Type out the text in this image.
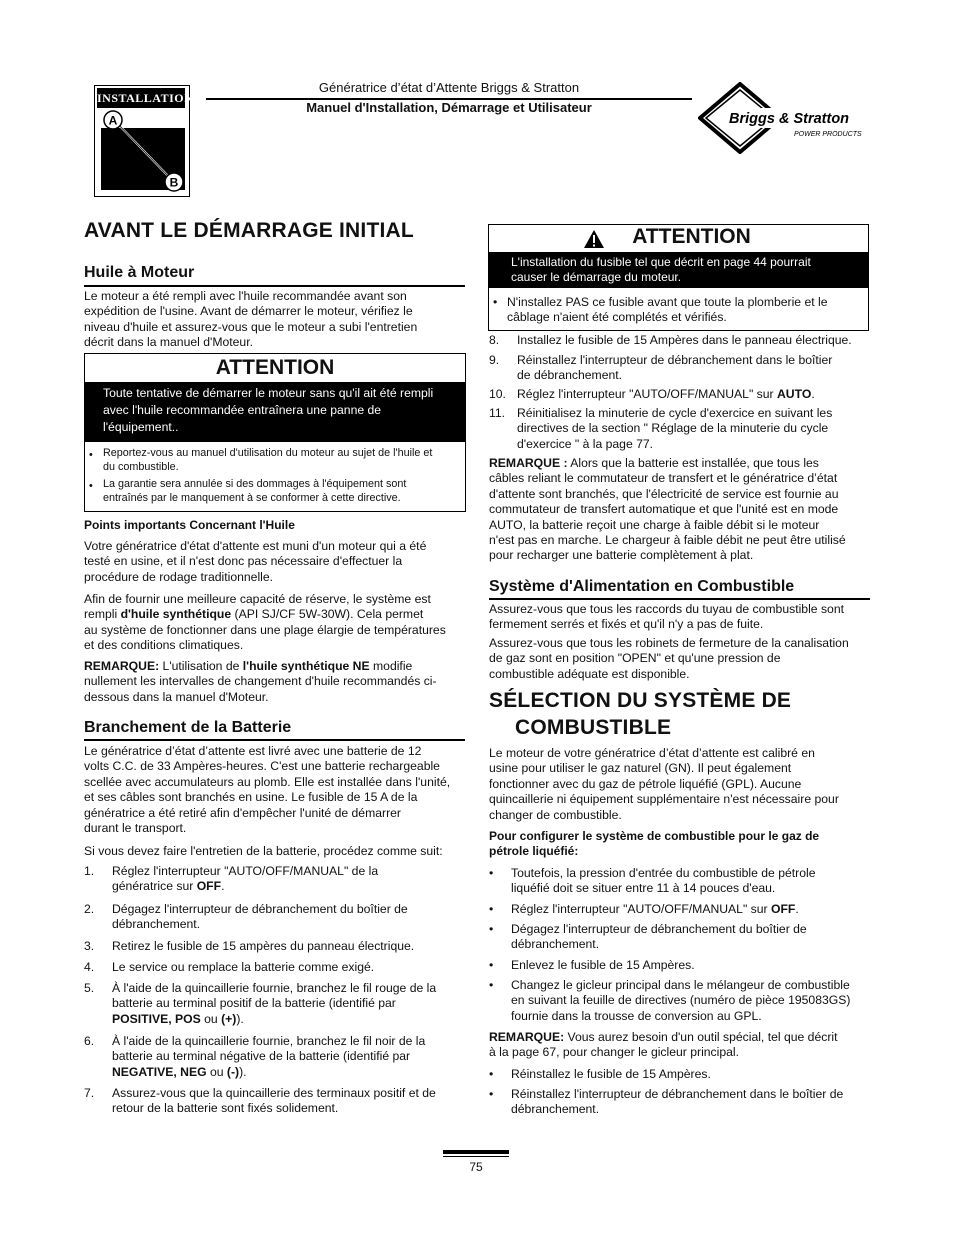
INSTALLATION
A
B
Génératrice d’état d’Attente Briggs & Stratton
Manuel d'Installation, Démarrage et Utilisateur
Briggs & Stratton
POWER PRODUCTS
AVANT LE DÉMARRAGE INITIAL
Huile à Moteur
Le moteur a été rempli avec l'huile recommandée avant son
expédition de l'usine. Avant de démarrer le moteur, vérifiez le
niveau d'huile et assurez-vous que le moteur a subi l'entretien
décrit dans la manuel d'Moteur.
ATTENTION
Toute tentative de démarrer le moteur sans qu'il ait été rempli
avec l'huile recommandée entraînera une panne de
l'équipement..
• Reportez-vous au manuel d'utilisation du moteur au sujet de l'huile et
du combustible.
• La garantie sera annulée si des dommages à l'équipement sont
entraînés par le manquement à se conformer à cette directive.
Points importants Concernant l'Huile
Votre génératrice d'état d'attente est muni d'un moteur qui a été
testé en usine, et il n'est donc pas nécessaire d'effectuer la
procédure de rodage traditionnelle.
Afin de fournir une meilleure capacité de réserve, le système est
rempli d'huile synthétique (API SJ/CF 5W-30W). Cela permet
au système de fonctionner dans une plage élargie de températures
et des conditions climatiques.
REMARQUE: L'utilisation de l'huile synthétique NE modifie
nullement les intervalles de changement d'huile recommandés ci-
dessous dans la manuel d'Moteur.
Branchement de la Batterie
Le génératrice d’état d’attente est livré avec une batterie de 12
volts C.C. de 33 Ampères-heures. C'est une batterie rechargeable
scellée avec accumulateurs au plomb. Elle est installée dans l'unité,
et ses câbles sont branchés en usine. Le fusible de 15 A de la
génératrice a été retiré afin d'empêcher l'unité de démarrer
durant le transport.
Si vous devez faire l'entretien de la batterie, procédez comme suit:
1. Réglez l'interrupteur "AUTO/OFF/MANUAL" de la
génératrice sur OFF.
2. Dégagez l'interrupteur de débranchement du boîtier de
débranchement.
3. Retirez le fusible de 15 ampères du panneau électrique.
4. Le service ou remplace la batterie comme exigé.
5. À l'aide de la quincaillerie fournie, branchez le fil rouge de la
batterie au terminal positif de la batterie (identifié par
POSITIVE, POS ou (+)).
6. À l'aide de la quincaillerie fournie, branchez le fil noir de la
batterie au terminal négative de la batterie (identifié par
NEGATIVE, NEG ou (-)).
7. Assurez-vous que la quincaillerie des terminaux positif et de
retour de la batterie sont fixés solidement.
ATTENTION
L'installation du fusible tel que décrit en page 44 pourrait
causer le démarrage du moteur.
• N'installez PAS ce fusible avant que toute la plomberie et le
câblage n'aient été complétés et vérifiés.
8. Installez le fusible de 15 Ampères dans le panneau électrique.
9. Réinstallez l'interrupteur de débranchement dans le boîtier
de débranchement.
10. Réglez l'interrupteur "AUTO/OFF/MANUAL" sur AUTO.
11. Réinitialisez la minuterie de cycle d'exercice en suivant les
directives de la section " Réglage de la minuterie du cycle
d'exercice " à la page 77.
REMARQUE : Alors que la batterie est installée, que tous les
câbles reliant le commutateur de transfert et le génératrice d’état
d'attente sont branchés, que l'électricité de service est fournie au
commutateur de transfert automatique et que l'unité est en mode
AUTO, la batterie reçoit une charge à faible débit si le moteur
n'est pas en marche. Le chargeur à faible débit ne peut être utilisé
pour recharger une batterie complètement à plat.
Système d'Alimentation en Combustible
Assurez-vous que tous les raccords du tuyau de combustible sont
fermement serrés et fixés et qu'il n'y a pas de fuite.
Assurez-vous que tous les robinets de fermeture de la canalisation
de gaz sont en position "OPEN" et qu'une pression de
combustible adéquate est disponible.
SÉLECTION DU SYSTÈME DE
COMBUSTIBLE
Le moteur de votre génératrice d’état d’attente est calibré en
usine pour utiliser le gaz naturel (GN). Il peut également
fonctionner avec du gaz de pétrole liquéfié (GPL). Aucune
quincaillerie ni équipement supplémentaire n'est nécessaire pour
changer de combustible.
Pour configurer le système de combustible pour le gaz de
pétrole liquéfié:
• Toutefois, la pression d'entrée du combustible de pétrole
liquéfié doit se situer entre 11 à 14 pouces d'eau.
• Réglez l'interrupteur "AUTO/OFF/MANUAL" sur OFF.
• Dégagez l'interrupteur de débranchement du boîtier de
débranchement.
• Enlevez le fusible de 15 Ampères.
• Changez le gicleur principal dans le mélangeur de combustible
en suivant la feuille de directives (numéro de pièce 195083GS)
fournie dans la trousse de conversion au GPL.
REMARQUE: Vous aurez besoin d'un outil spécial, tel que décrit
à la page 67, pour changer le gicleur principal.
• Réinstallez le fusible de 15 Ampères.
• Réinstallez l'interrupteur de débranchement dans le boîtier de
débranchement.
75
